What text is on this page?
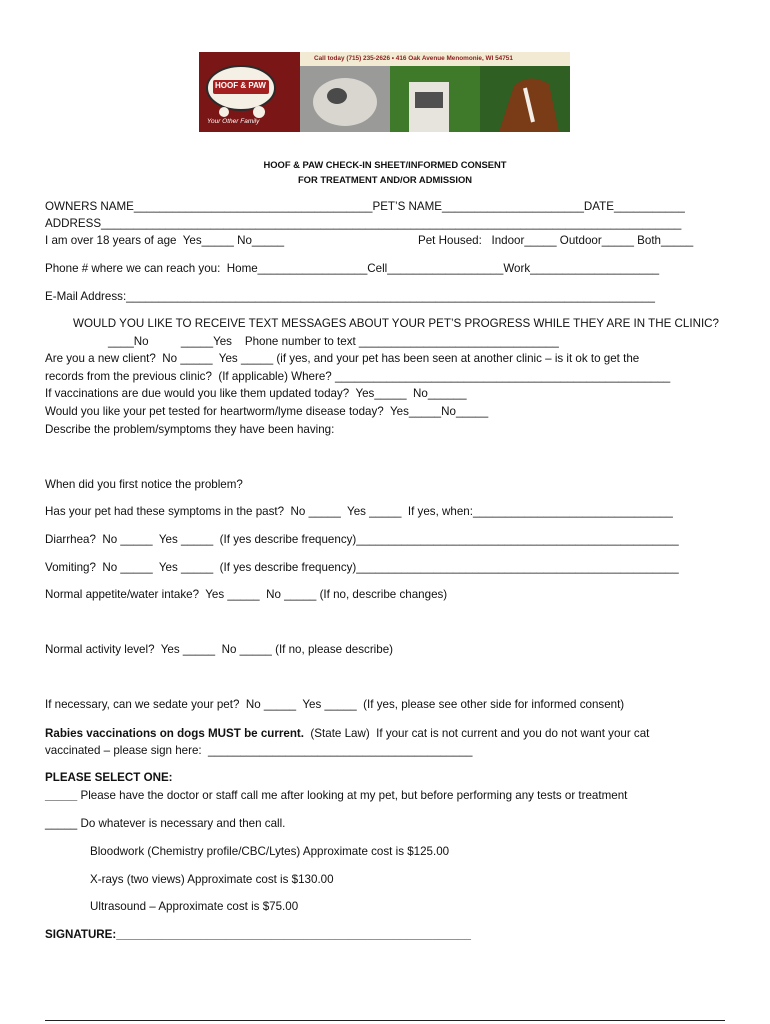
Call today (715) 235-2626 • 416 Oak Avenue Menomonie, WI 54751
HOOF & PAW
Your Other Family
HOOF & PAW CHECK-IN SHEET/INFORMED CONSENT
FOR TREATMENT AND/OR ADMISSION
OWNERS NAME_____________________________________PET’S NAME______________________DATE___________
ADDRESS__________________________________________________________________________________________
I am over 18 years of age  Yes_____ No_____	Pet Housed:   Indoor_____ Outdoor_____ Both_____
Phone # where we can reach you:  Home_________________Cell__________________Work____________________
E-Mail Address:__________________________________________________________________________________
WOULD YOU LIKE TO RECEIVE TEXT MESSAGES ABOUT YOUR PET’S PROGRESS WHILE THEY ARE IN THE CLINIC?
____No          _____Yes    Phone number to text _______________________________
Are you a new client?  No _____  Yes _____ (if yes, and your pet has been seen at another clinic – is it ok to get the
records from the previous clinic?  (If applicable) Where? ____________________________________________________
If vaccinations are due would you like them updated today?  Yes_____  No______
Would you like your pet tested for heartworm/lyme disease today?  Yes_____No_____
Describe the problem/symptoms they have been having:
When did you first notice the problem?
Has your pet had these symptoms in the past?  No _____  Yes _____  If yes, when:_______________________________
Diarrhea?  No _____  Yes _____  (If yes describe frequency)__________________________________________________
Vomiting?  No _____  Yes _____  (If yes describe frequency)__________________________________________________
Normal appetite/water intake?  Yes _____  No _____ (If no, describe changes)
Normal activity level?  Yes _____  No _____ (If no, please describe)
If necessary, can we sedate your pet?  No _____  Yes _____  (If yes, please see other side for informed consent)
Rabies vaccinations on dogs MUST be current.  (State Law)  If your cat is not current and you do not want your cat
vaccinated – please sign here:  _________________________________________
PLEASE SELECT ONE:
_____ Please have the doctor or staff call me after looking at my pet, but before performing any tests or treatment
_____ Do whatever is necessary and then call.
Bloodwork (Chemistry profile/CBC/Lytes) Approximate cost is $125.00
X-rays (two views) Approximate cost is $130.00
Ultrasound – Approximate cost is $75.00
SIGNATURE:_______________________________________________________
